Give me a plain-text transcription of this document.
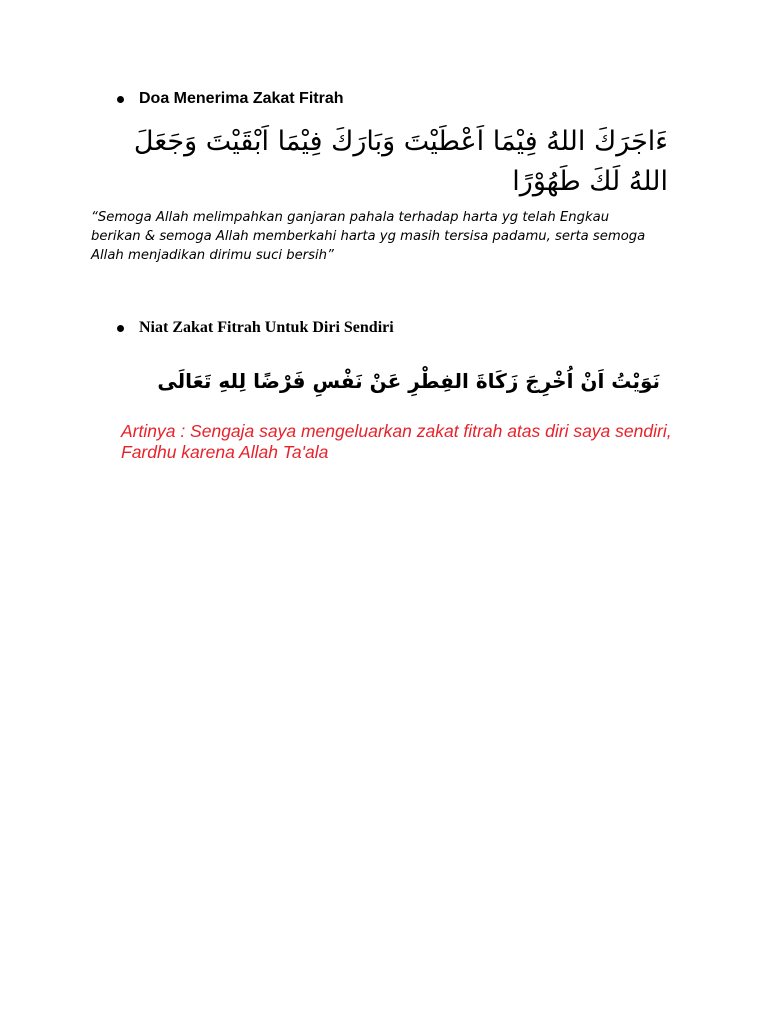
Doa Menerima Zakat Fitrah
ءَاجَرَكَ اللهُ فِيْمَا اَعْطَيْتَ وَبَارَكَ فِيْمَا اَبْقَيْتَ وَجَعَلَ اللهُ لَكَ طَهُوْرًا
“Semoga Allah melimpahkan ganjaran pahala terhadap harta yg telah Engkau berikan & semoga Allah memberkahi harta yg masih tersisa padamu, serta semoga Allah menjadikan dirimu suci bersih”
Niat Zakat Fitrah Untuk Diri Sendiri
نَوَيْتُ اَنْ اُخْرِجَ زَكَاةَ الفِطْرِ عَنْ نَفْسِ فَرْضًا لِلهِ تَعَالَى
Artinya : Sengaja saya mengeluarkan zakat fitrah atas diri saya sendiri, Fardhu karena Allah Ta'ala
